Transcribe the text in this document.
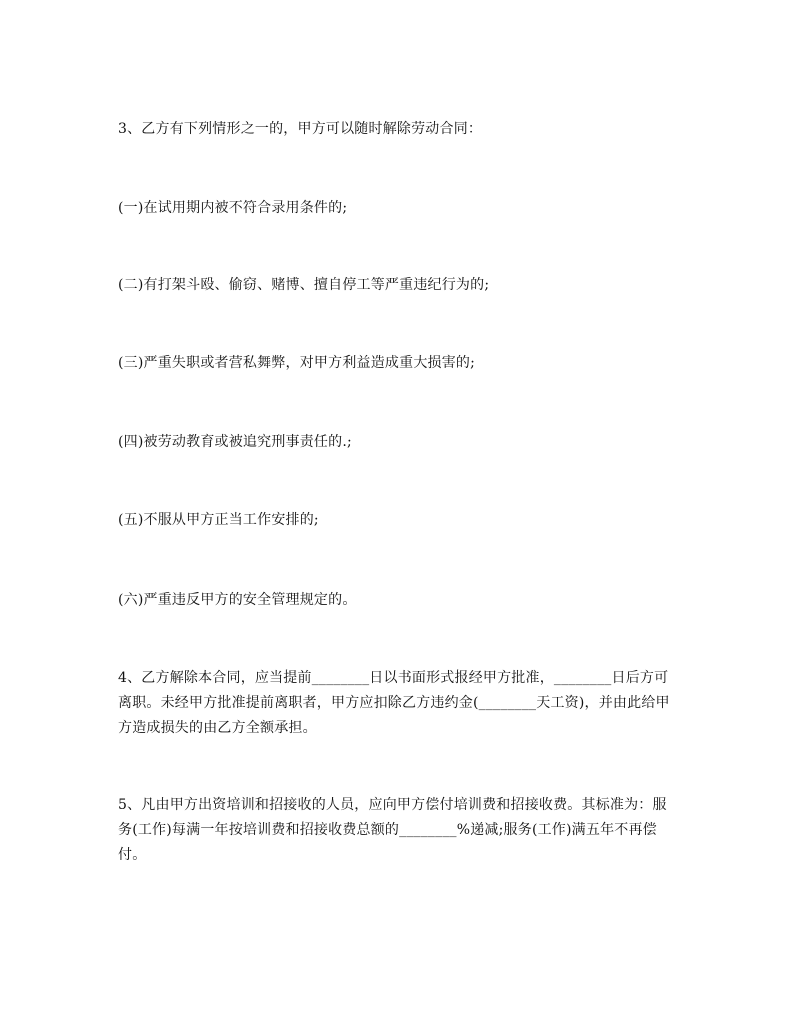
3、乙方有下列情形之一的，甲方可以随时解除劳动合同：

(一)在试用期内被不符合录用条件的;

(二)有打架斗殴、偷窃、赌博、擅自停工等严重违纪行为的;

(三)严重失职或者营私舞弊，对甲方利益造成重大损害的;

(四)被劳动教育或被追究刑事责任的.;

(五)不服从甲方正当工作安排的;

(六)严重违反甲方的安全管理规定的。

4、乙方解除本合同，应当提前________日以书面形式报经甲方批准，________日后方可离职。未经甲方批准提前离职者，甲方应扣除乙方违约金(________天工资)，并由此给甲方造成损失的由乙方全额承担。

5、凡由甲方出资培训和招接收的人员，应向甲方偿付培训费和招接收费。其标准为：服务(工作)每满一年按培训费和招接收费总额的________%递减;服务(工作)满五年不再偿付。
